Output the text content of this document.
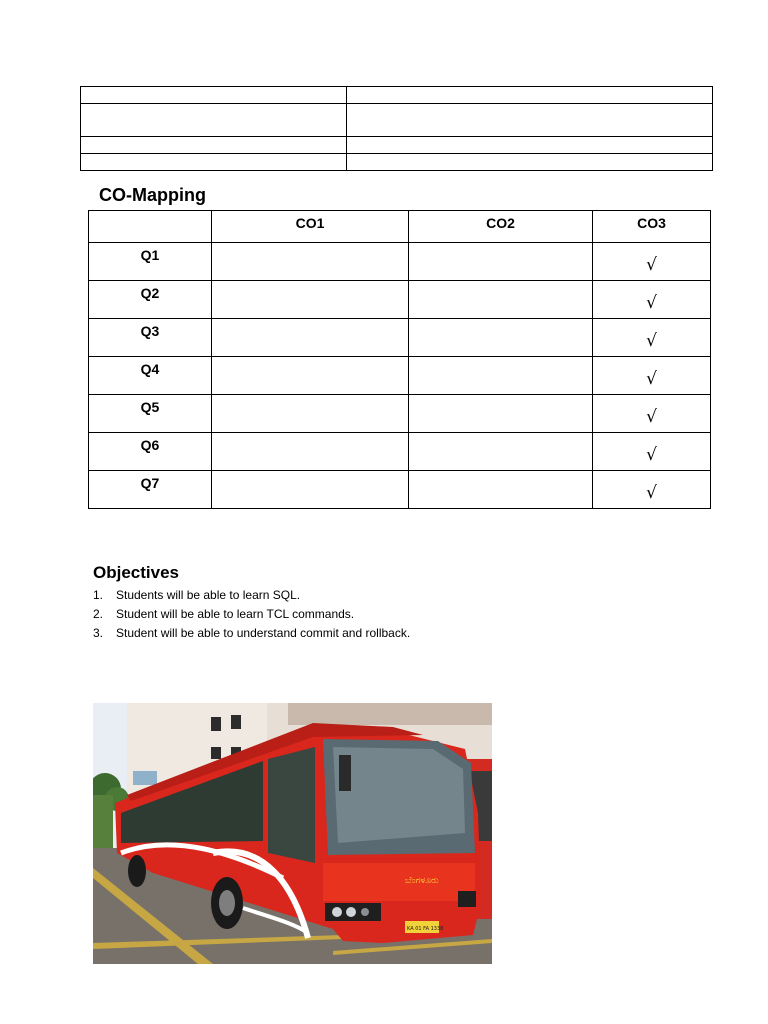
CO-Mapping
	CO1	CO2	CO3
Q1			√
Q2			√
Q3			√
Q4			√
Q5			√
Q6			√
Q7			√
Objectives
1. Students will be able to learn SQL.
2. Student will be able to learn TCL commands.
3. Student will be able to understand commit and rollback.
ಬೆಂಗಳೂರು
KA 01 FA 1338
